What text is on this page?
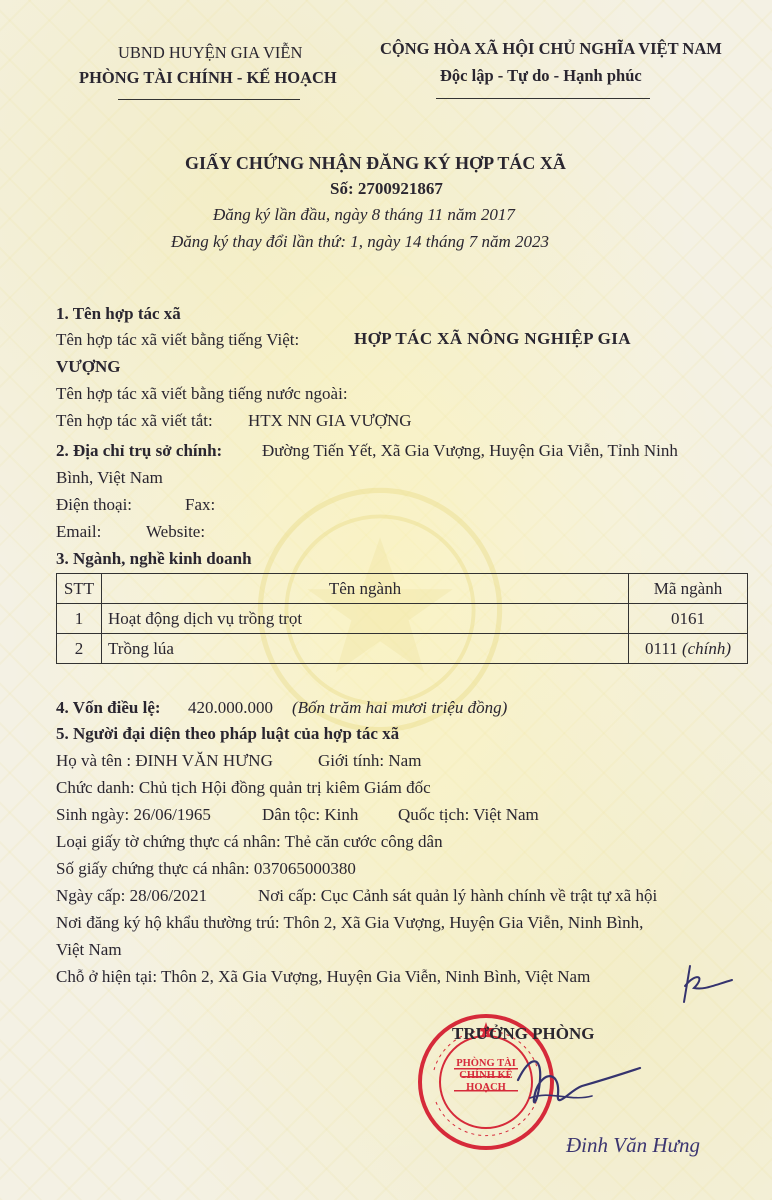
UBND HUYỆN GIA VIỄN
PHÒNG TÀI CHÍNH - KẾ HOẠCH
CỘNG HÒA XÃ HỘI CHỦ NGHĨA VIỆT NAM
Độc lập - Tự do - Hạnh phúc
GIẤY CHỨNG NHẬN ĐĂNG KÝ HỢP TÁC XÃ
Số: 2700921867
Đăng ký lần đầu, ngày 8 tháng 11 năm 2017
Đăng ký thay đổi lần thứ: 1, ngày 14 tháng 7 năm 2023
1. Tên hợp tác xã
Tên hợp tác xã viết bằng tiếng Việt:	HỢP TÁC XÃ NÔNG NGHIỆP GIA
VƯỢNG
Tên hợp tác xã viết bằng tiếng nước ngoài:
Tên hợp tác xã viết tắt: HTX NN GIA VƯỢNG
2. Địa chỉ trụ sở chính: Đường Tiến Yết, Xã Gia Vượng, Huyện Gia Viễn, Tỉnh Ninh
Bình, Việt Nam
Điện thoại:	Fax:
Email:	Website:
3. Ngành, nghề kinh doanh
STT	Tên ngành	Mã ngành
1	Hoạt động dịch vụ trồng trọt	0161
2	Trồng lúa	0111 (chính)
4. Vốn điều lệ: 420.000.000 (Bốn trăm hai mươi triệu đồng)
5. Người đại diện theo pháp luật của hợp tác xã
Họ và tên : ĐINH VĂN HƯNG	Giới tính: Nam
Chức danh: Chủ tịch Hội đồng quản trị kiêm Giám đốc
Sinh ngày: 26/06/1965	Dân tộc: Kinh Quốc tịch: Việt Nam
Loại giấy tờ chứng thực cá nhân: Thẻ căn cước công dân
Số giấy chứng thực cá nhân: 037065000380
Ngày cấp: 28/06/2021	Nơi cấp: Cục Cảnh sát quản lý hành chính về trật tự xã hội
Nơi đăng ký hộ khẩu thường trú: Thôn 2, Xã Gia Vượng, Huyện Gia Viễn, Ninh Bình,
Việt Nam
Chỗ ở hiện tại: Thôn 2, Xã Gia Vượng, Huyện Gia Viễn, Ninh Bình, Việt Nam
PHÒNG TÀI CHÍNH KẾ HOẠCH
TRƯỞNG PHÒNG
Đinh Văn Hưng
